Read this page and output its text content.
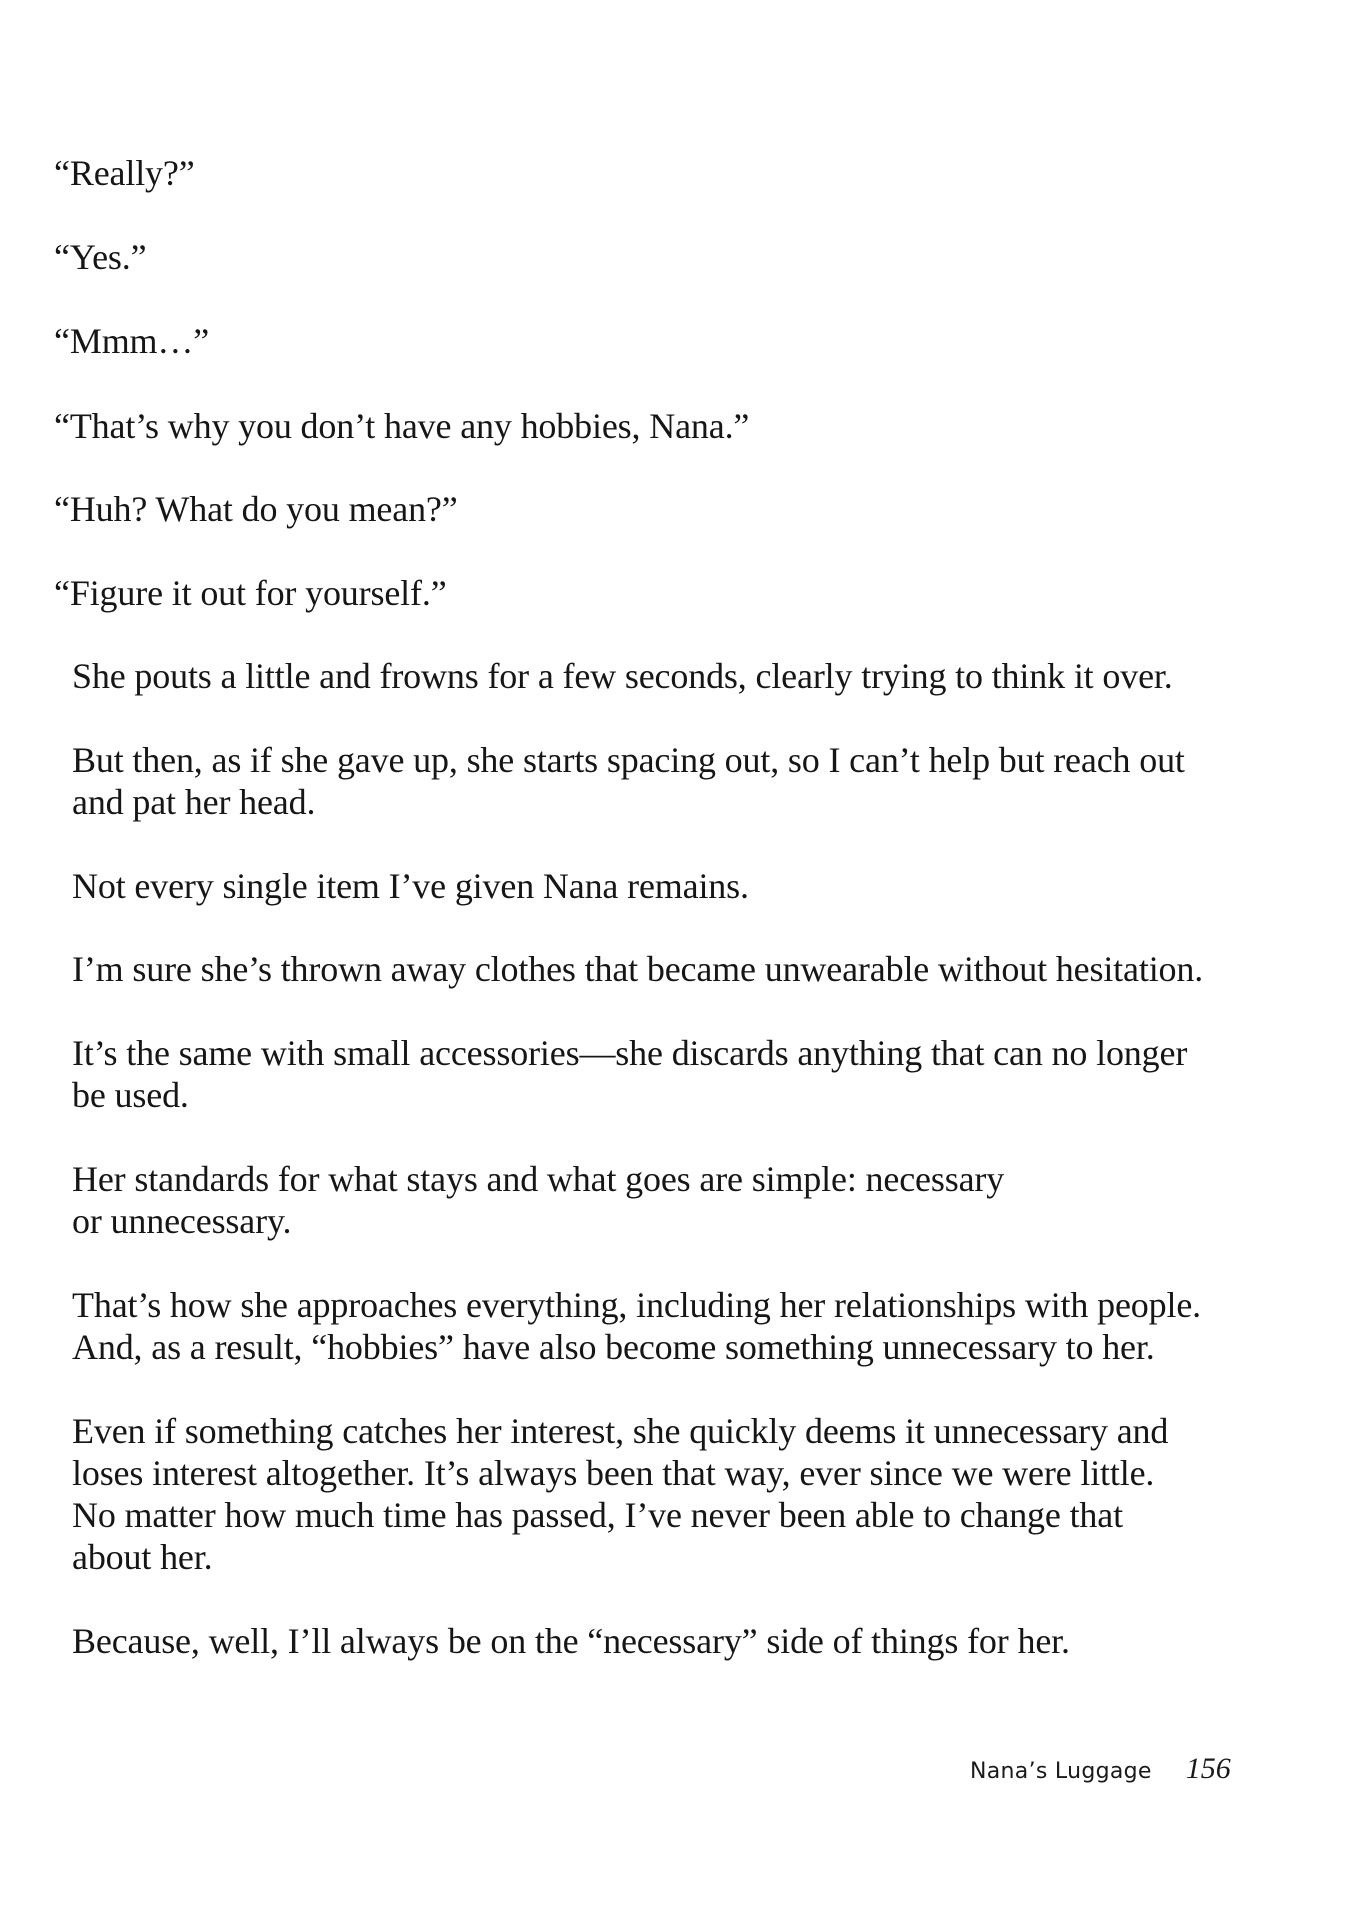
“Really?”

“Yes.”

“Mmm…”

“That’s why you don’t have any hobbies, Nana.”

“Huh? What do you mean?”

“Figure it out for yourself.”

She pouts a little and frowns for a few seconds, clearly trying to think it over.

But then, as if she gave up, she starts spacing out, so I can’t help but reach out

and pat her head.

Not every single item I’ve given Nana remains.

I’m sure she’s thrown away clothes that became unwearable without hesitation.

It’s the same with small accessories—she discards anything that can no longer

be used.

Her standards for what stays and what goes are simple: necessary

or unnecessary.

That’s how she approaches everything, including her relationships with people.

And, as a result, “hobbies” have also become something unnecessary to her.

Even if something catches her interest, she quickly deems it unnecessary and

loses interest altogether. It’s always been that way, ever since we were little.

No matter how much time has passed, I’ve never been able to change that

about her.

Because, well, I’ll always be on the “necessary” side of things for her.

Nana’s Luggage 156
